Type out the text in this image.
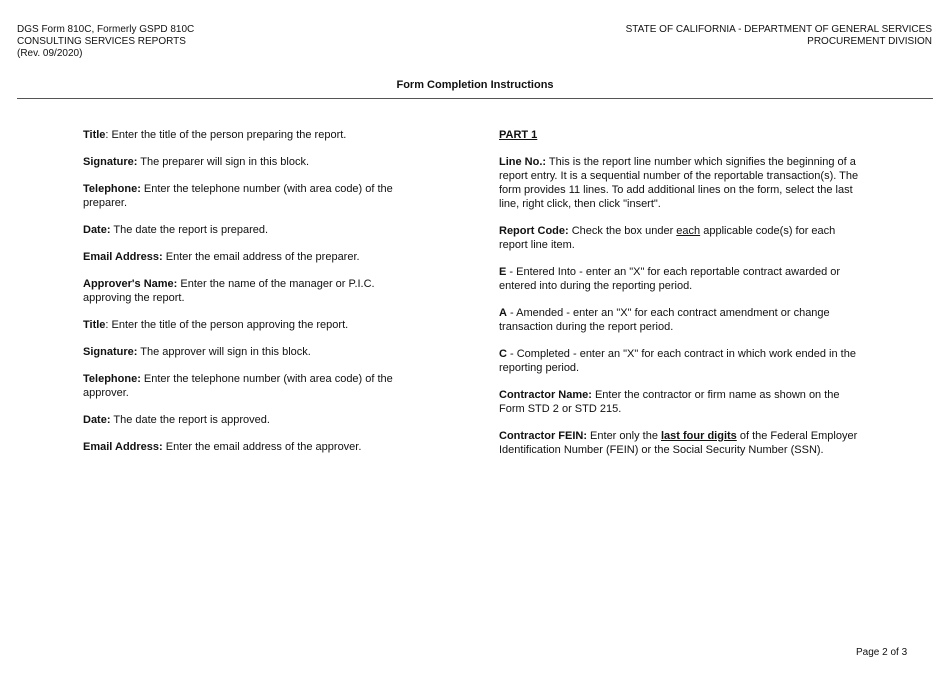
DGS Form 810C, Formerly GSPD 810C
CONSULTING SERVICES REPORTS
(Rev. 09/2020)
STATE OF CALIFORNIA - DEPARTMENT OF GENERAL SERVICES
PROCUREMENT DIVISION
Form Completion Instructions

Title: Enter the title of the person preparing the report.

Signature: The preparer will sign in this block.

Telephone: Enter the telephone number (with area code) of the preparer.

Date: The date the report is prepared.

Email Address: Enter the email address of the preparer.

Approver's Name: Enter the name of the manager or P.I.C. approving the report.

Title: Enter the title of the person approving the report.

Signature: The approver will sign in this block.

Telephone: Enter the telephone number (with area code) of the approver.

Date: The date the report is approved.

Email Address: Enter the email address of the approver.

PART 1

Line No.: This is the report line number which signifies the beginning of a report entry. It is a sequential number of the reportable transaction(s). The form provides 11 lines. To add additional lines on the form, select the last line, right click, then click "insert".

Report Code: Check the box under each applicable code(s) for each report line item.

E - Entered Into - enter an "X" for each reportable contract awarded or entered into during the reporting period.

A - Amended - enter an "X" for each contract amendment or change transaction during the report period.

C - Completed - enter an "X" for each contract in which work ended in the reporting period.

Contractor Name: Enter the contractor or firm name as shown on the Form STD 2 or STD 215.

Contractor FEIN: Enter only the last four digits of the Federal Employer Identification Number (FEIN) or the Social Security Number (SSN).

Page 2 of 3
